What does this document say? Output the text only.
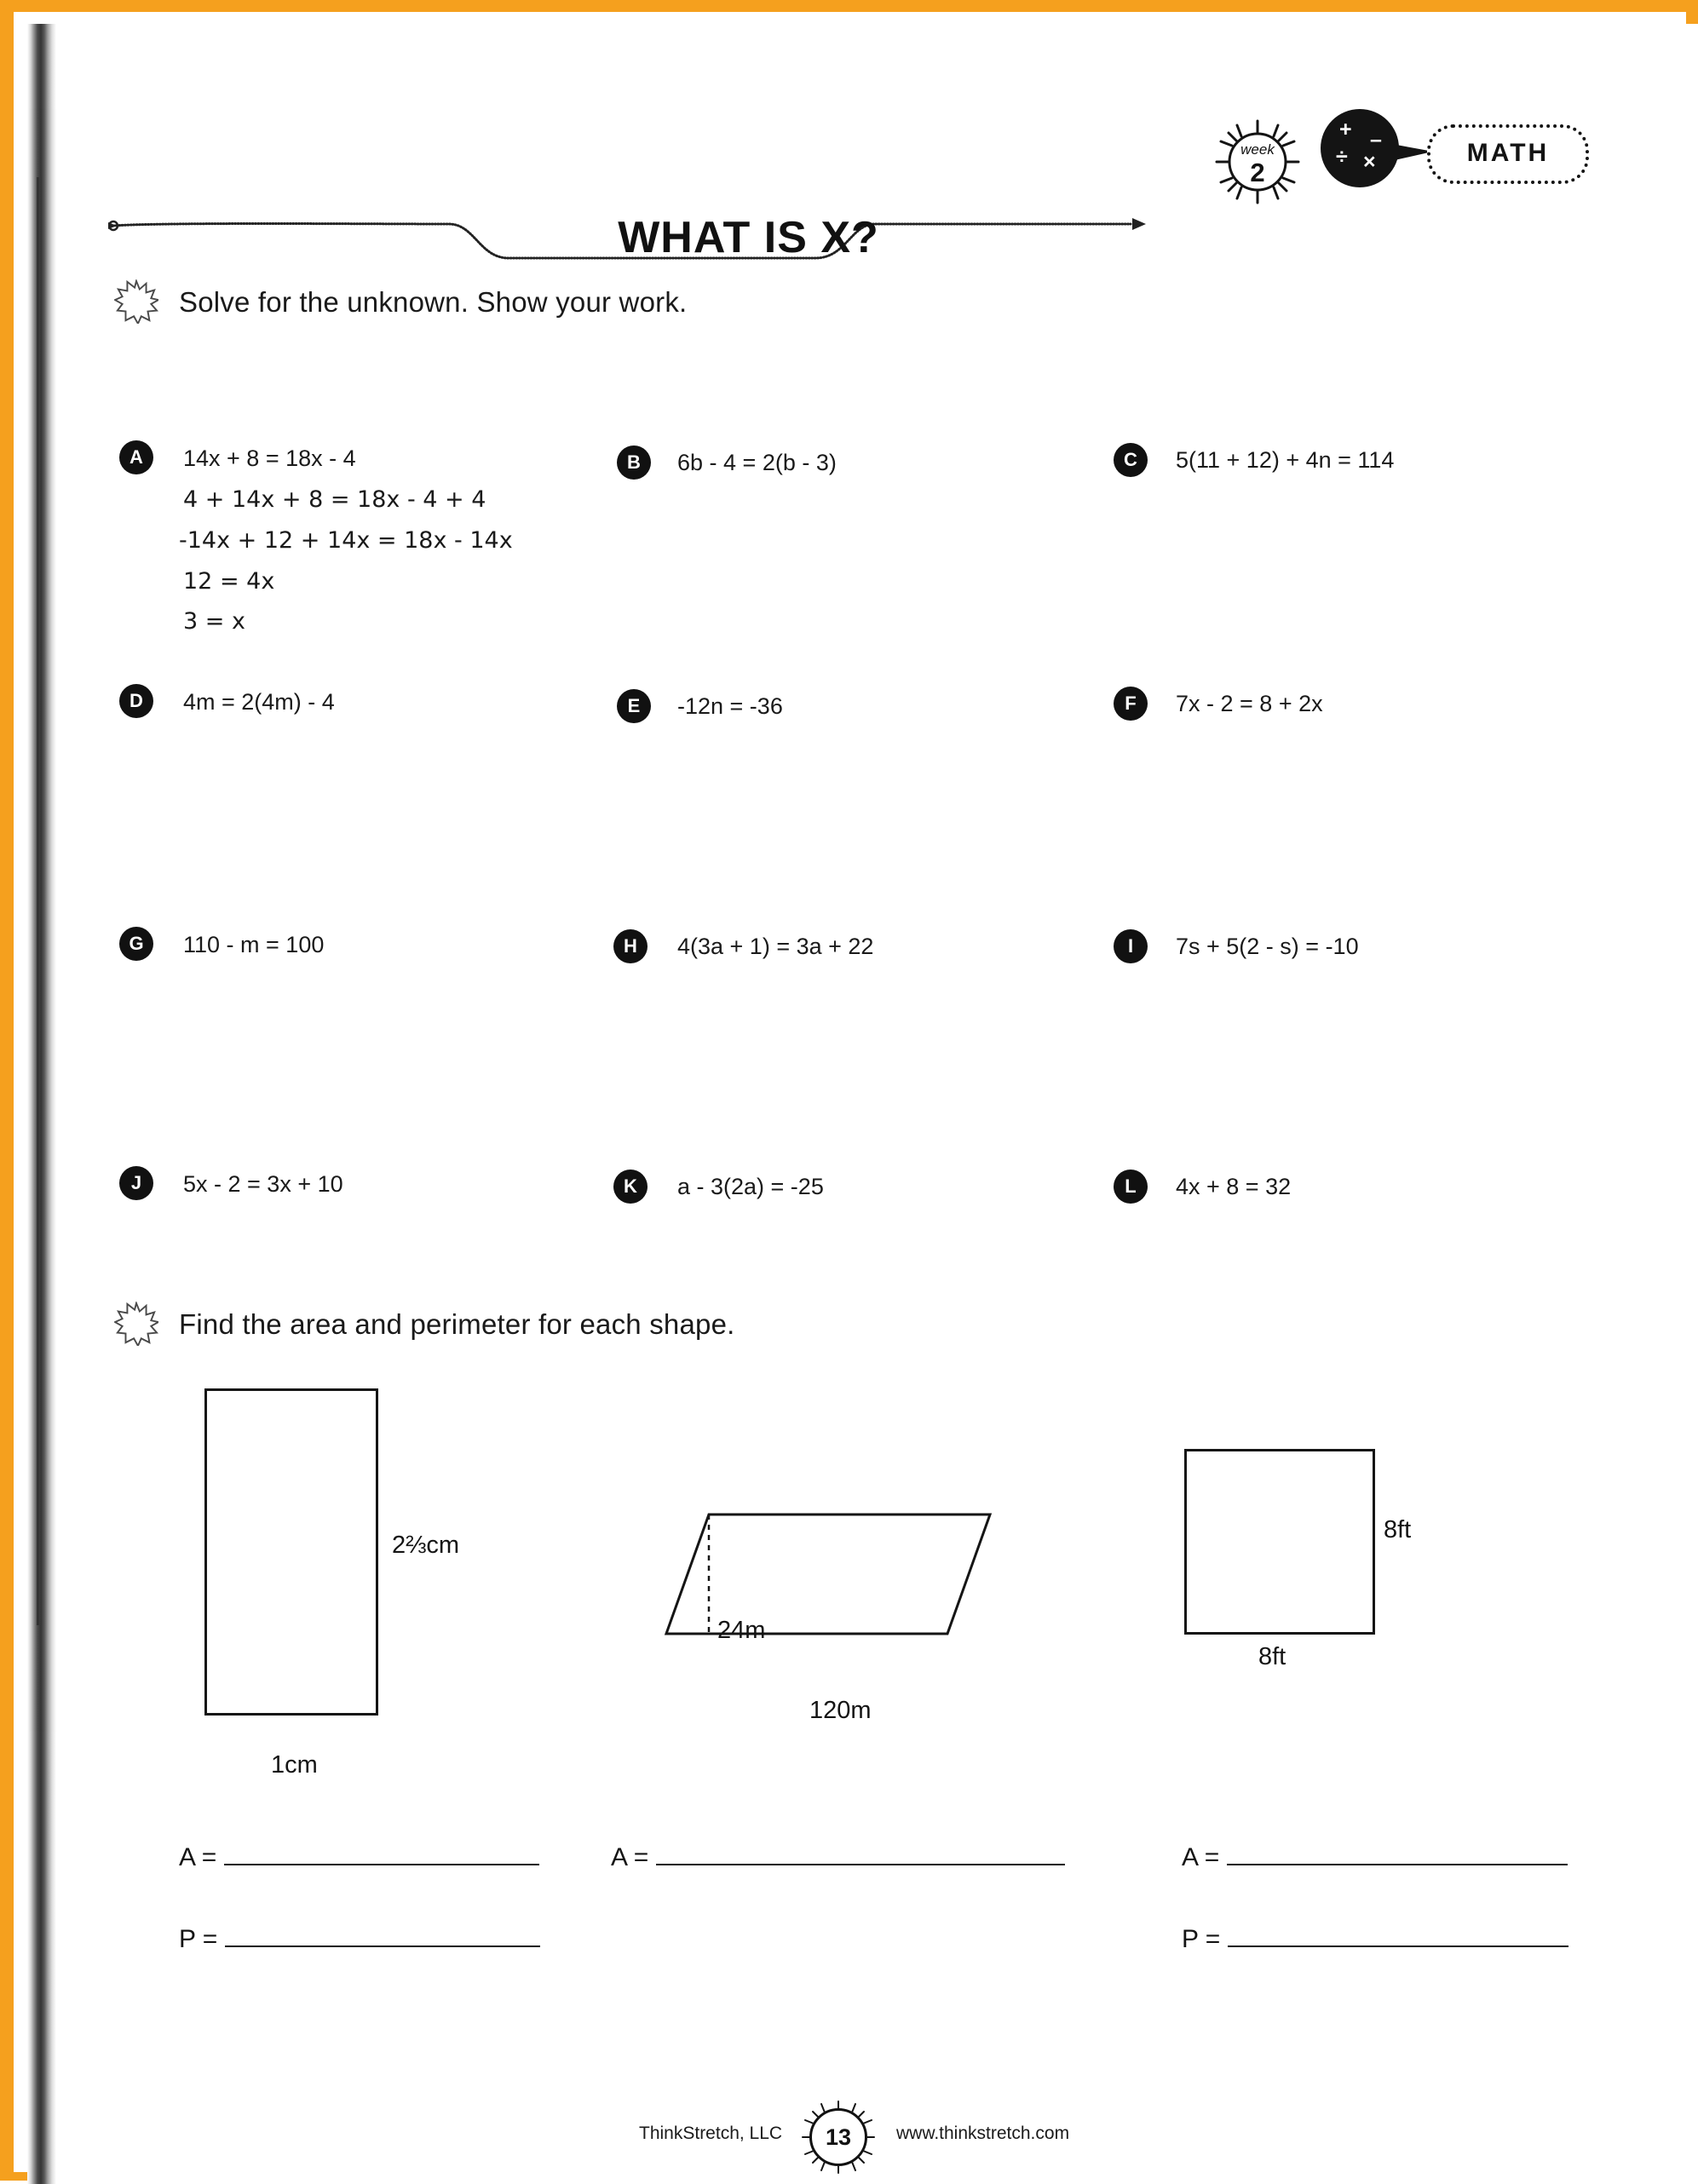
WHAT IS X?
week
2
+ –
÷ ×	MATH
Solve for the unknown. Show your work.
A	14x + 8 = 18x - 4	B	6b - 4 = 2(b - 3)	C	5(11 + 12) + 4n = 114
4 + 14x + 8 = 18x - 4 + 4
-14x + 12 + 14x = 18x - 14x
12 = 4x
3 = x
D	4m = 2(4m) - 4	E	-12n = -36	F	7x - 2 = 8 + 2x
G	110 - m = 100	H	4(3a + 1) = 3a + 22	I	7s + 5(2 - s) = -10
J	5x - 2 = 3x + 10	K	a - 3(2a) = -25	L	4x + 8 = 32
Find the area and perimeter for each shape.
2⅔cm
1cm
24m
120m
8ft
8ft
A =
P =
A =	A =
P =
ThinkStretch, LLC	13	www.thinkstretch.com
